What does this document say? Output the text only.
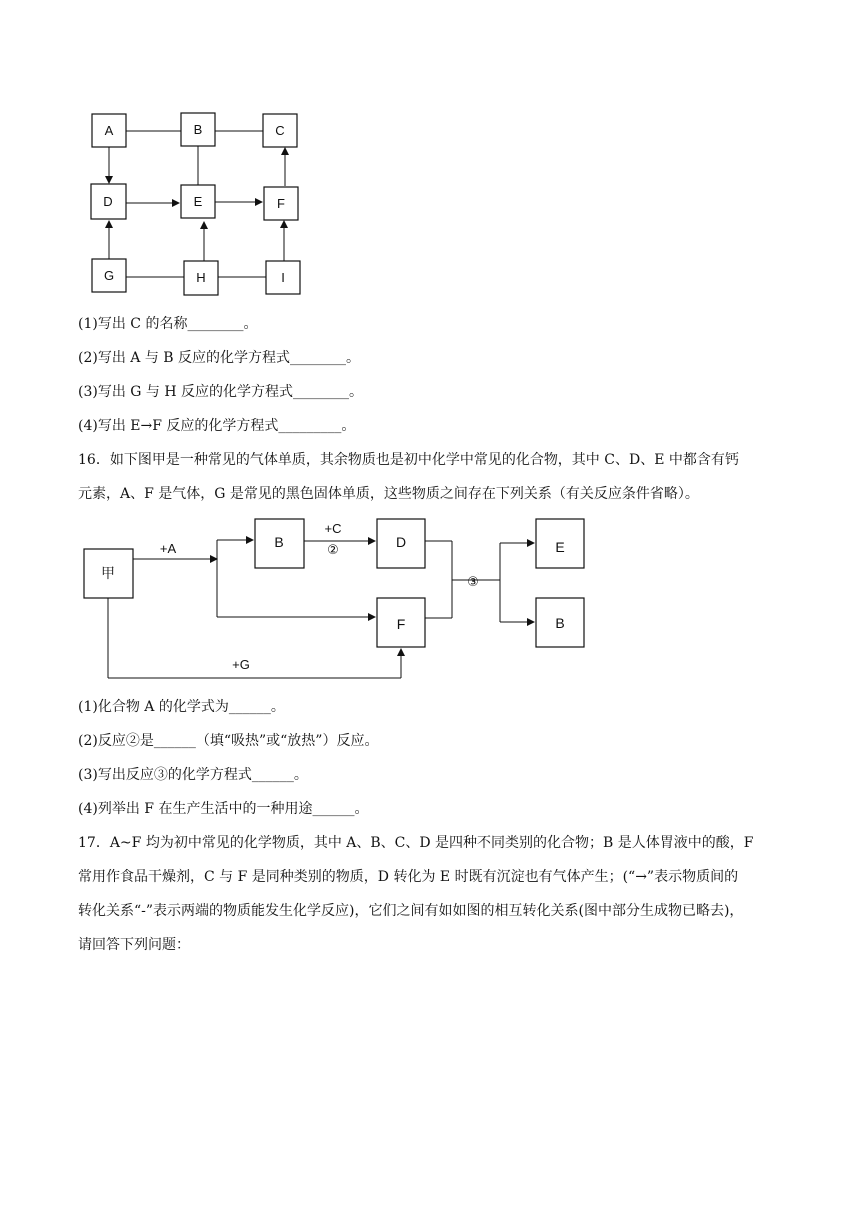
A	B	C
D	E	F
G	H	I
(1)写出 C 的名称________。
(2)写出 A 与 B 反应的化学方程式________。
(3)写出 G 与 H 反应的化学方程式________。
(4)写出 E→F 反应的化学方程式_________。
16．如下图甲是一种常见的气体单质，其余物质也是初中化学中常见的化合物，其中 C、D、E 中都含有钙
元素，A、F 是气体，G 是常见的黑色固体单质，这些物质之间存在下列关系（有关反应条件省略）。
甲
B	D
F
E
B
+A
+C
②
③
+G
(1)化合物 A 的化学式为______。
(2)反应②是______（填“吸热”或“放热”）反应。
(3)写出反应③的化学方程式______。
(4)列举出 F 在生产生活中的一种用途______。
17．A~F 均为初中常见的化学物质，其中 A、B、C、D 是四种不同类别的化合物；B 是人体胃液中的酸，F
常用作食品干燥剂，C 与 F 是同种类别的物质，D 转化为 E 时既有沉淀也有气体产生；(“→”表示物质间的
转化关系“-”表示两端的物质能发生化学反应)，它们之间有如如图的相互转化关系(图中部分生成物已略去)，
请回答下列问题：
